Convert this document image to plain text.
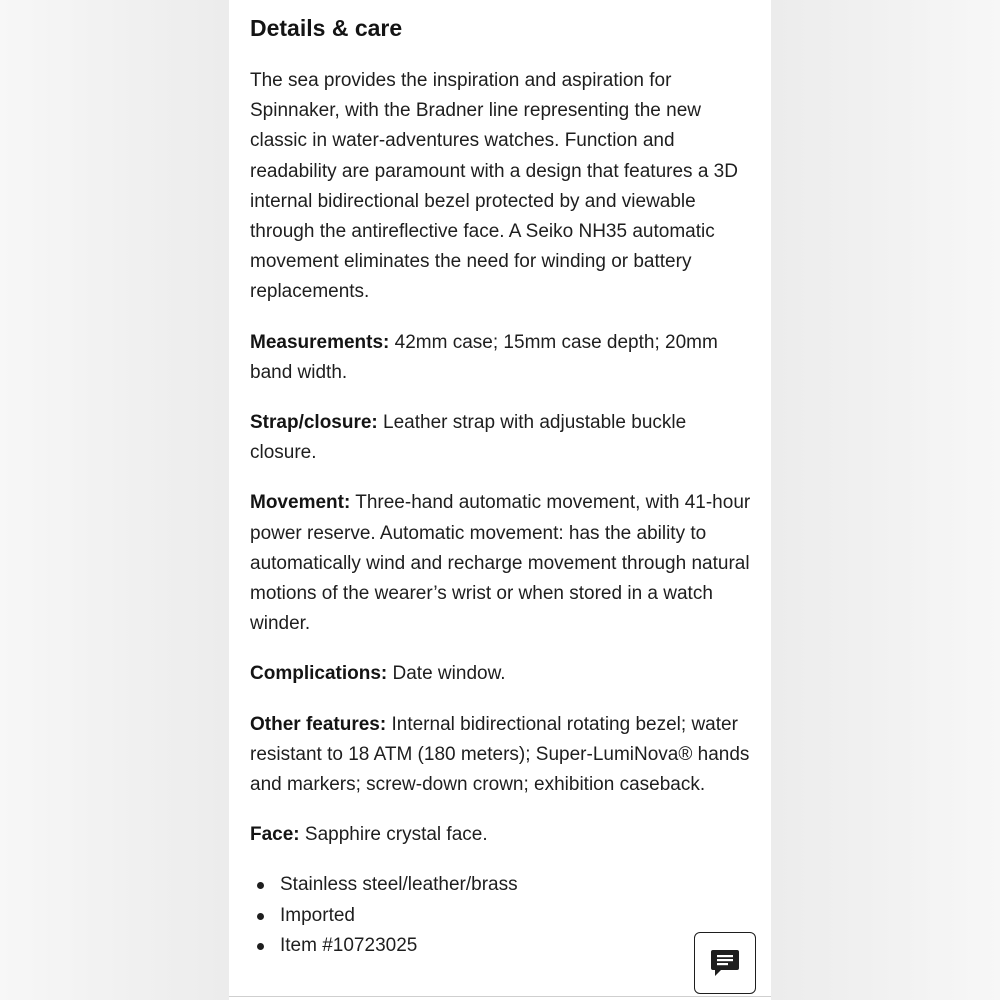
Details & care

The sea provides the inspiration and aspiration for Spinnaker, with the Bradner line representing the new classic in water-adventures watches. Function and readability are paramount with a design that features a 3D internal bidirectional bezel protected by and viewable through the antireflective face. A Seiko NH35 automatic movement eliminates the need for winding or battery replacements.

Measurements: 42mm case; 15mm case depth; 20mm band width.

Strap/closure: Leather strap with adjustable buckle closure.

Movement: Three-hand automatic movement, with 41-hour power reserve. Automatic movement: has the ability to automatically wind and recharge movement through natural motions of the wearer’s wrist or when stored in a watch winder.

Complications: Date window.

Other features: Internal bidirectional rotating bezel; water resistant to 18 ATM (180 meters); Super-LumiNova® hands and markers; screw-down crown; exhibition caseback.

Face: Sapphire crystal face.

Stainless steel/leather/brass
Imported
Item #10723025
